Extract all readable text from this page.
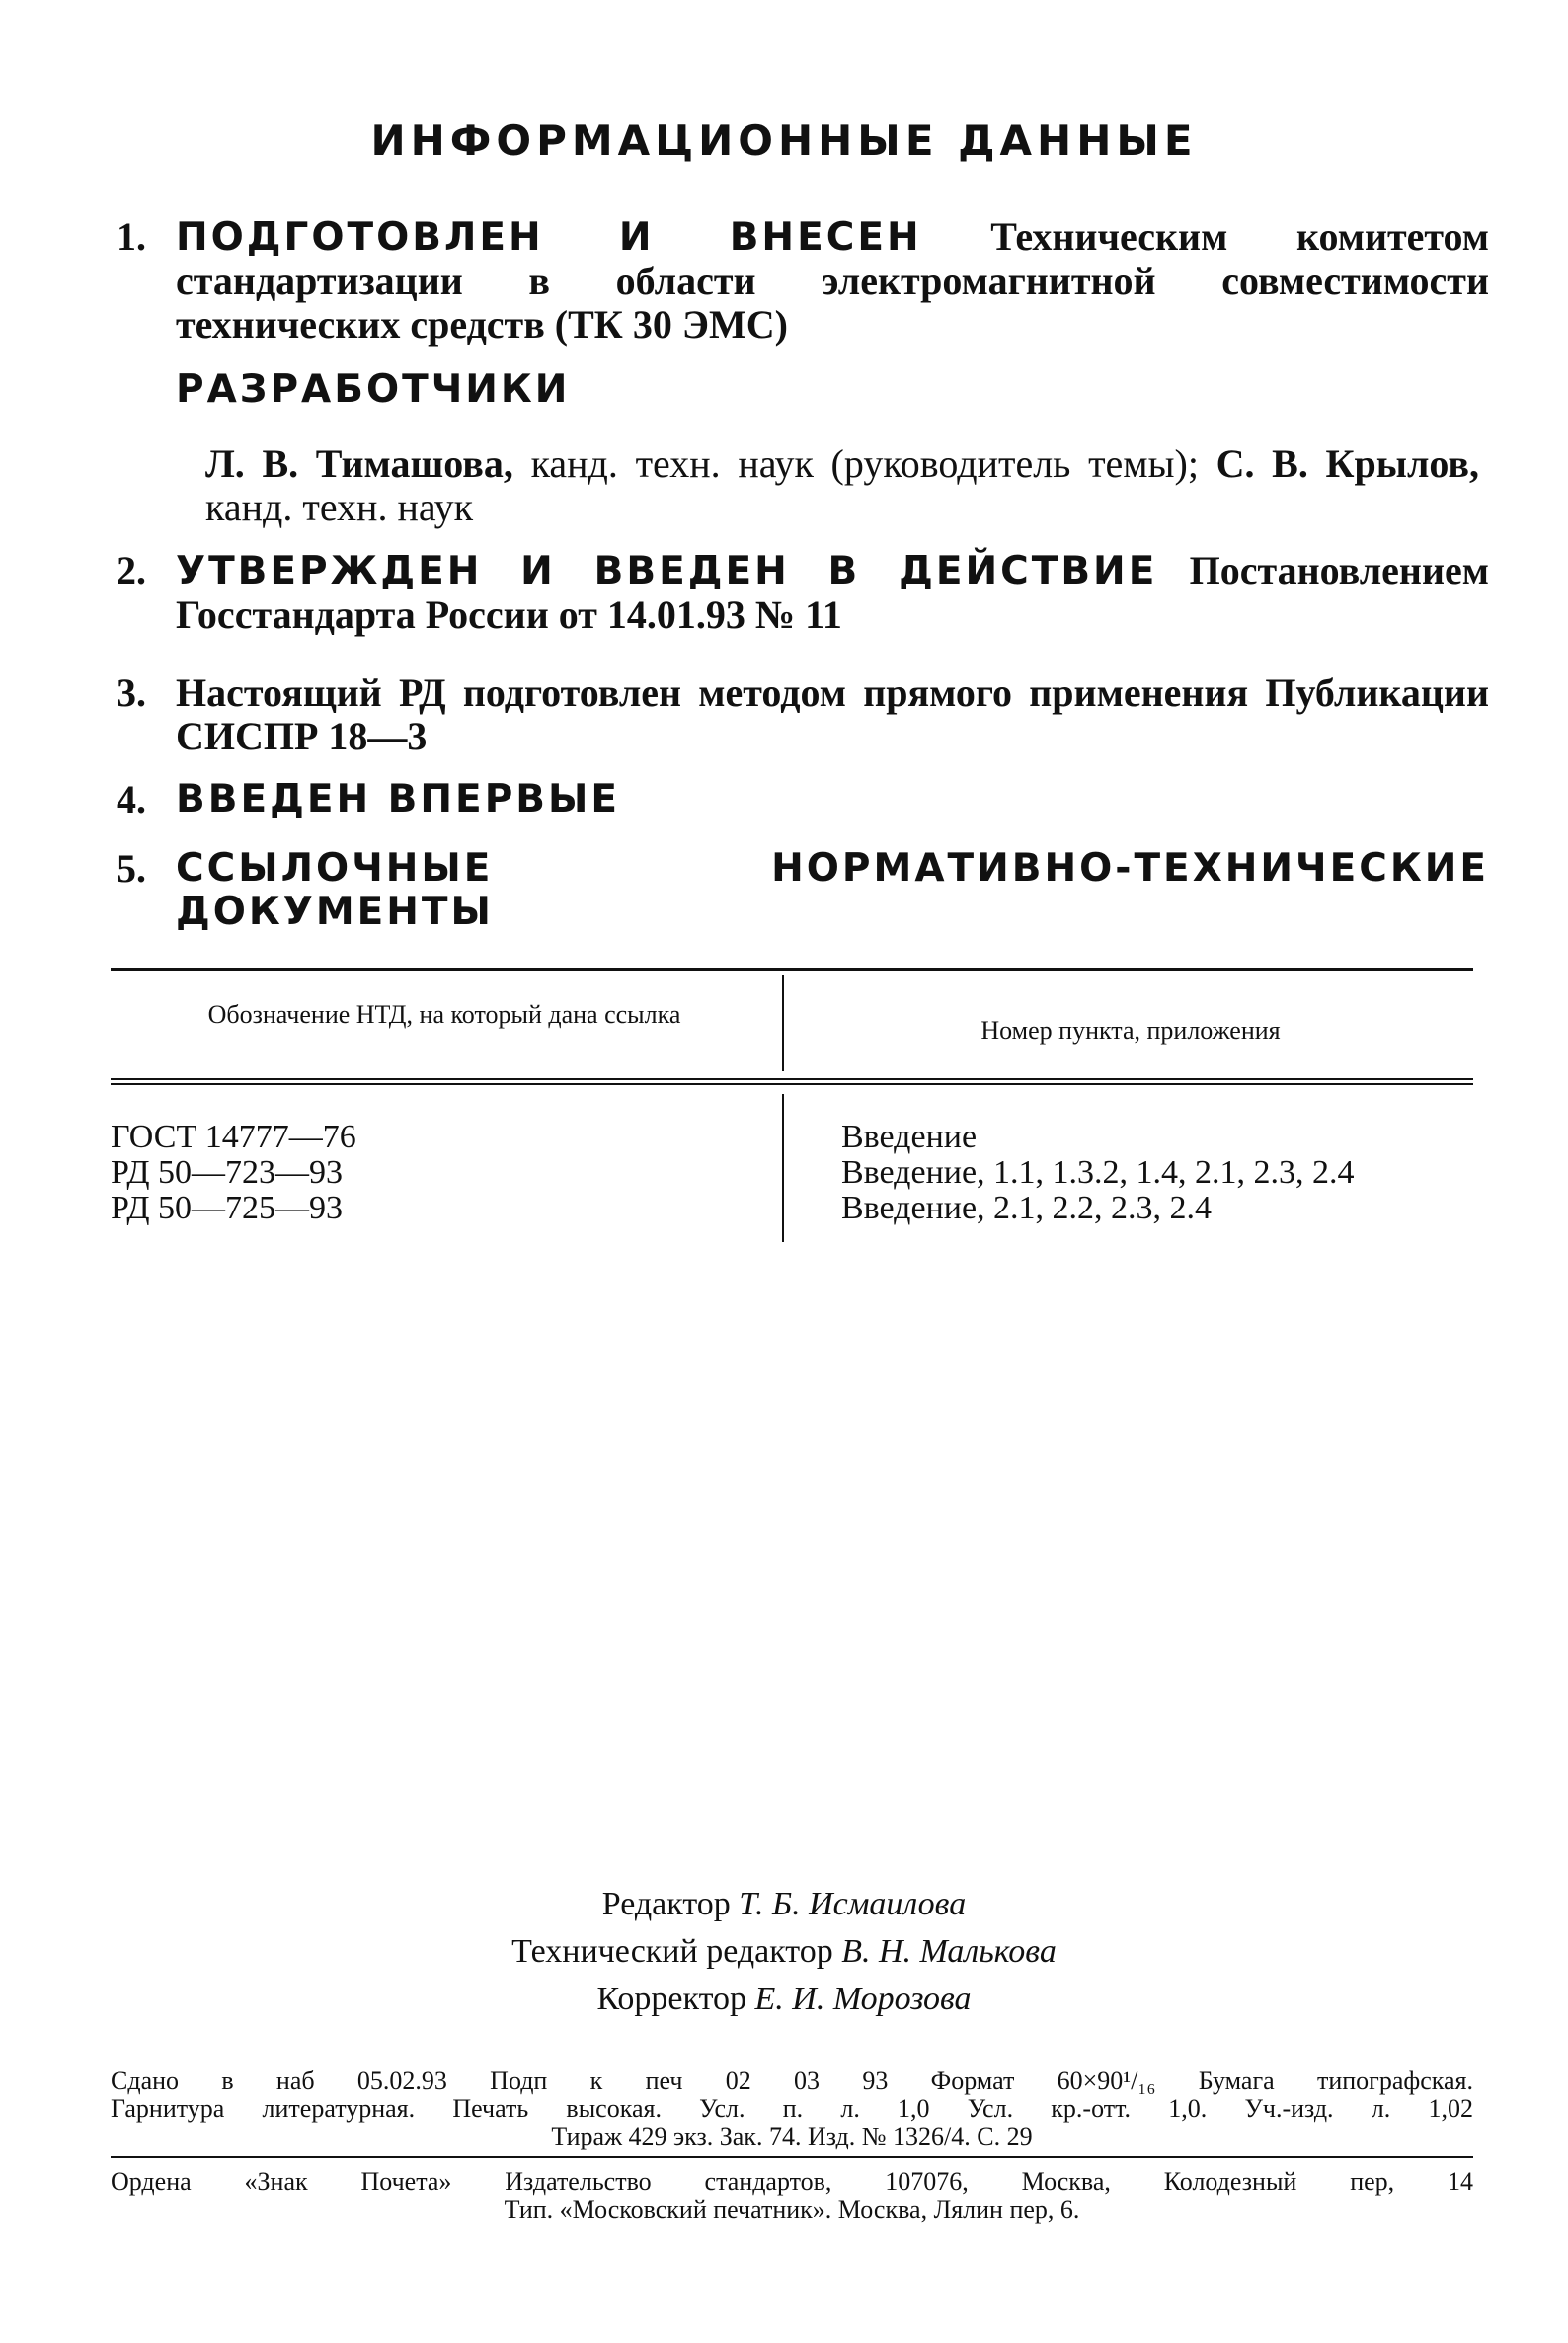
ИНФОРМАЦИОННЫЕ ДАННЫЕ
1. ПОДГОТОВЛЕН И ВНЕСЕН Техническим комитетом стандартизации в области электромагнитной совместимости технических средств (ТК 30 ЭМС)
РАЗРАБОТЧИКИ
Л. В. Тимашова, канд. техн. наук (руководитель темы); С. В. Крылов, канд. техн. наук
2. УТВЕРЖДЕН И ВВЕДЕН В ДЕЙСТВИЕ Постановлением Госстандарта России от 14.01.93 № 11
3. Настоящий РД подготовлен методом прямого применения Публикации СИСПР 18—3
4. ВВЕДЕН ВПЕРВЫЕ
5. ССЫЛОЧНЫЕ НОРМАТИВНО-ТЕХНИЧЕСКИЕ ДОКУМЕНТЫ
Обозначение НТД, на который дана ссылка
Номер пункта, приложения
ГОСТ 14777—76	Введение
РД 50—723—93	Введение, 1.1, 1.3.2, 1.4, 2.1, 2.3, 2.4
РД 50—725—93	Введение, 2.1, 2.2, 2.3, 2.4
Редактор Т. Б. Исмаилова
Технический редактор В. Н. Малькова
Корректор Е. И. Морозова
Сдано в наб 05.02.93 Подп к печ 02 03 93 Формат 60×90¹/₁₆ Бумага типографская.
Гарнитура литературная. Печать высокая. Усл. п. л. 1,0 Усл. кр.-отт. 1,0. Уч.-изд. л. 1,02
Тираж 429 экз. Зак. 74. Изд. № 1326/4. С. 29
Ордена «Знак Почета» Издательство стандартов, 107076, Москва, Колодезный пер, 14
Тип. «Московский печатник». Москва, Лялин пер, 6.
